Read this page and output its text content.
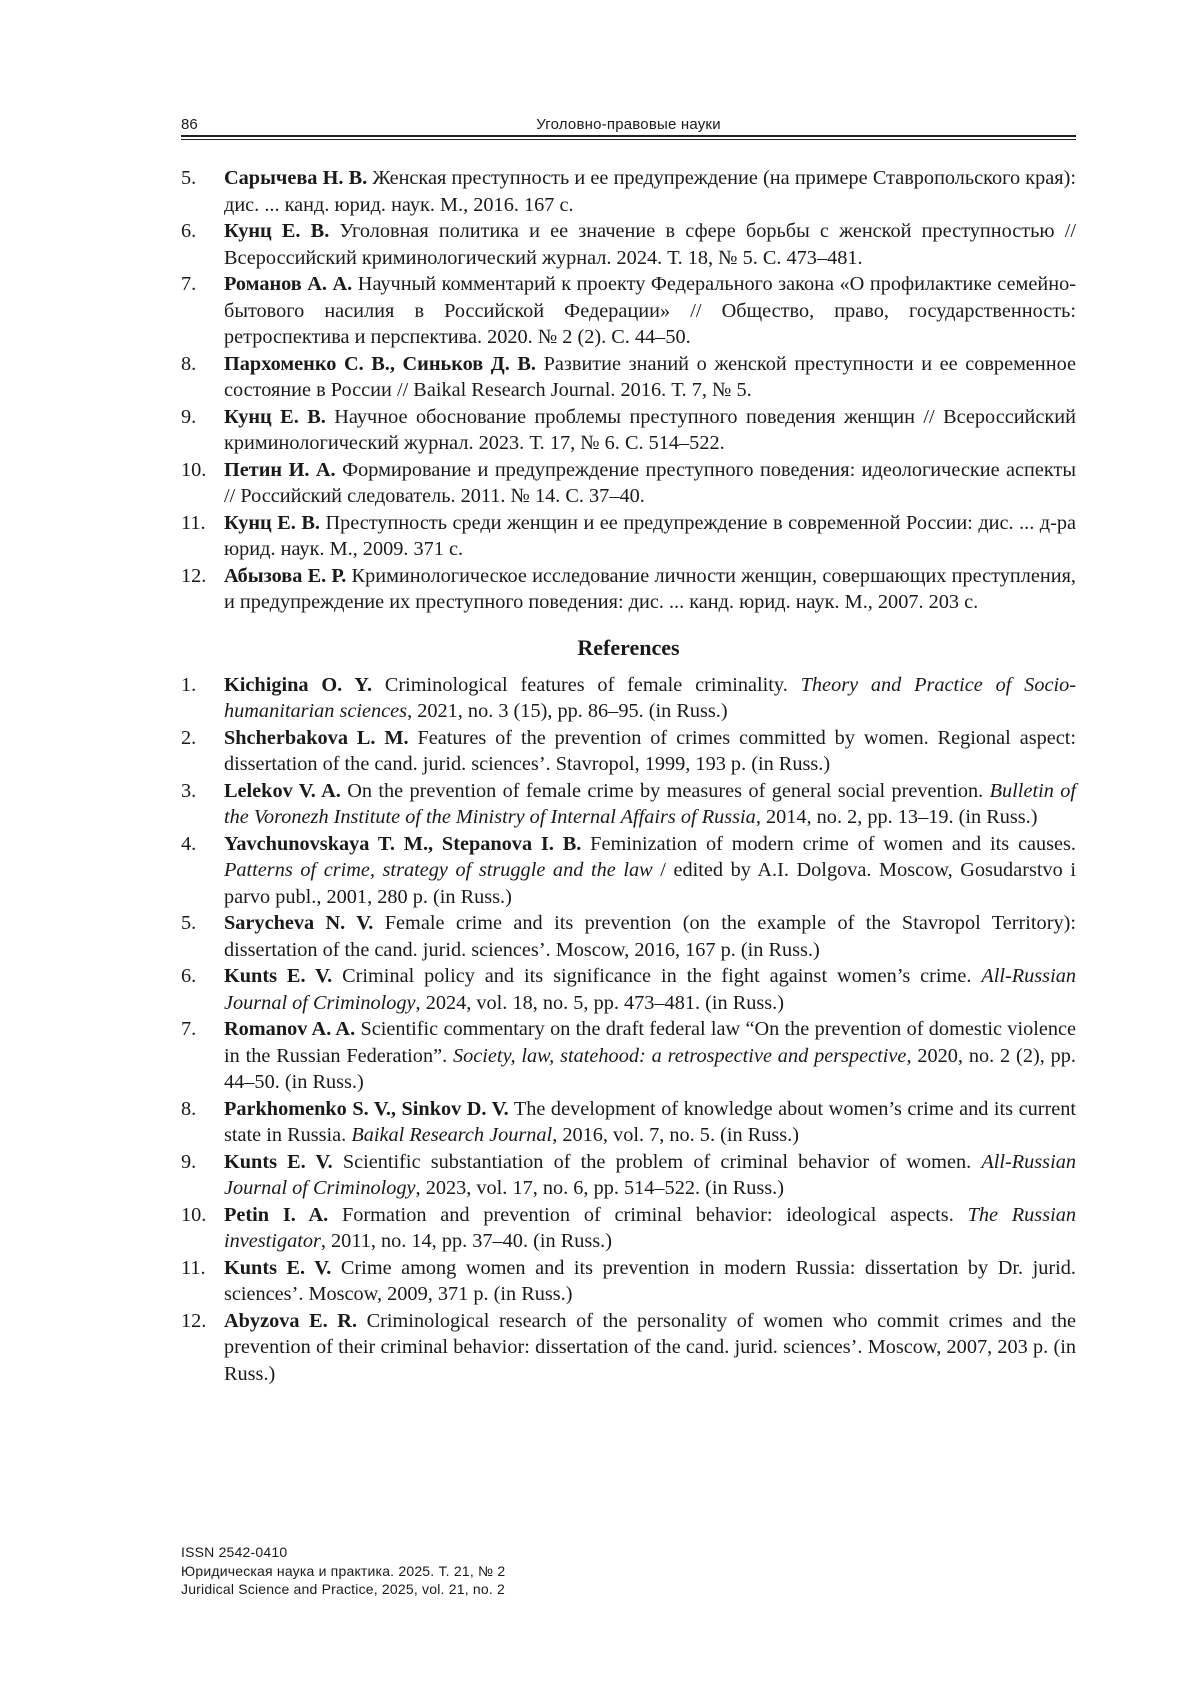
86	Уголовно-правовые науки
5. Сарычева Н. В. Женская преступность и ее предупреждение (на примере Ставропольского края): дис. ... канд. юрид. наук. М., 2016. 167 с.
6. Кунц Е. В. Уголовная политика и ее значение в сфере борьбы с женской преступностью // Всероссийский криминологический журнал. 2024. Т. 18, № 5. С. 473–481.
7. Романов А. А. Научный комментарий к проекту Федерального закона «О профилактике семейно-бытового насилия в Российской Федерации» // Общество, право, государственность: ретроспектива и перспектива. 2020. № 2 (2). С. 44–50.
8. Пархоменко С. В., Синьков Д. В. Развитие знаний о женской преступности и ее современное состояние в России // Baikal Research Journal. 2016. Т. 7, № 5.
9. Кунц Е. В. Научное обоснование проблемы преступного поведения женщин // Всероссийский криминологический журнал. 2023. Т. 17, № 6. С. 514–522.
10. Петин И. А. Формирование и предупреждение преступного поведения: идеологические аспекты // Российский следователь. 2011. № 14. С. 37–40.
11. Кунц Е. В. Преступность среди женщин и ее предупреждение в современной России: дис. ... д-ра юрид. наук. М., 2009. 371 с.
12. Абызова Е. Р. Криминологическое исследование личности женщин, совершающих преступления, и предупреждение их преступного поведения: дис. ... канд. юрид. наук. М., 2007. 203 с.
References
1. Kichigina O. Y. Criminological features of female criminality. Theory and Practice of Socio-humanitarian sciences, 2021, no. 3 (15), pp. 86–95. (in Russ.)
2. Shcherbakova L. M. Features of the prevention of crimes committed by women. Regional aspect: dissertation of the cand. jurid. sciences’. Stavropol, 1999, 193 p. (in Russ.)
3. Lelekov V. A. On the prevention of female crime by measures of general social prevention. Bulletin of the Voronezh Institute of the Ministry of Internal Affairs of Russia, 2014, no. 2, pp. 13–19. (in Russ.)
4. Yavchunovskaya T. M., Stepanova I. B. Feminization of modern crime of women and its causes. Patterns of crime, strategy of struggle and the law / edited by A.I. Dolgova. Moscow, Gosudarstvo i parvo publ., 2001, 280 p. (in Russ.)
5. Sarycheva N. V. Female crime and its prevention (on the example of the Stavropol Territory): dissertation of the cand. jurid. sciences’. Moscow, 2016, 167 p. (in Russ.)
6. Kunts E. V. Criminal policy and its significance in the fight against women’s crime. All-Russian Journal of Criminology, 2024, vol. 18, no. 5, pp. 473–481. (in Russ.)
7. Romanov A. A. Scientific commentary on the draft federal law “On the prevention of domestic violence in the Russian Federation”. Society, law, statehood: a retrospective and perspective, 2020, no. 2 (2), pp. 44–50. (in Russ.)
8. Parkhomenko S. V., Sinkov D. V. The development of knowledge about women’s crime and its current state in Russia. Baikal Research Journal, 2016, vol. 7, no. 5. (in Russ.)
9. Kunts E. V. Scientific substantiation of the problem of criminal behavior of women. All-Russian Journal of Criminology, 2023, vol. 17, no. 6, pp. 514–522. (in Russ.)
10. Petin I. A. Formation and prevention of criminal behavior: ideological aspects. The Russian investigator, 2011, no. 14, pp. 37–40. (in Russ.)
11. Kunts E. V. Crime among women and its prevention in modern Russia: dissertation by Dr. jurid. sciences’. Moscow, 2009, 371 p. (in Russ.)
12. Abyzova E. R. Criminological research of the personality of women who commit crimes and the prevention of their criminal behavior: dissertation of the cand. jurid. sciences’. Moscow, 2007, 203 p. (in Russ.)
ISSN 2542-0410
Юридическая наука и практика. 2025. Т. 21, № 2
Juridical Science and Practice, 2025, vol. 21, no. 2
